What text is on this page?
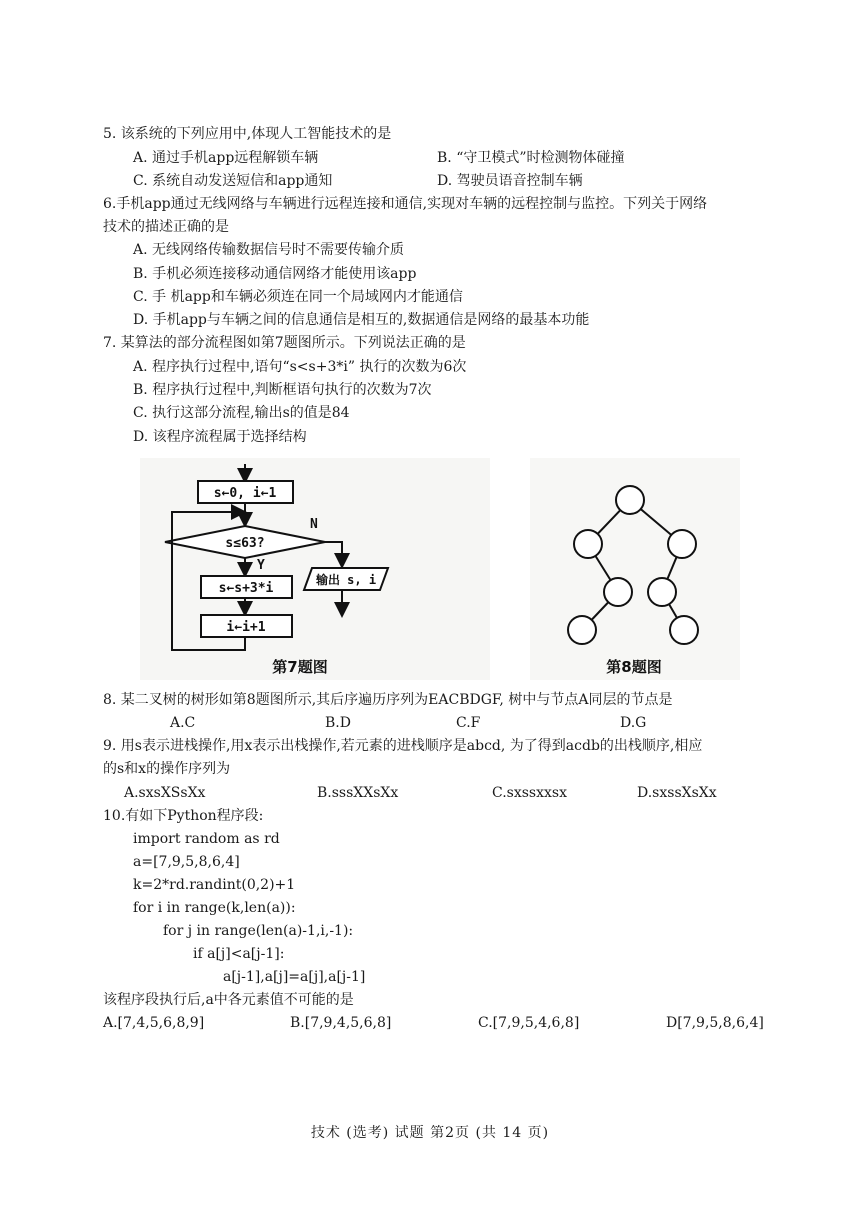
5. 该系统的下列应用中,体现人工智能技术的是
A. 通过手机app远程解锁车辆	B. “守卫模式”时检测物体碰撞
C. 系统自动发送短信和app通知	D. 驾驶员语音控制车辆
6.手机app通过无线网络与车辆进行远程连接和通信,实现对车辆的远程控制与监控。下列关于网络
技术的描述正确的是
A. 无线网络传输数据信号时不需要传输介质
B. 手机必须连接移动通信网络才能使用该app
C. 手 机app和车辆必须连在同一个局域网内才能通信
D. 手机app与车辆之间的信息通信是相互的,数据通信是网络的最基本功能
7. 某算法的部分流程图如第7题图所示。下列说法正确的是
A. 程序执行过程中,语句“s<s+3*i” 执行的次数为6次
B. 程序执行过程中,判断框语句执行的次数为7次
C. 执行这部分流程,输出s的值是84
D. 该程序流程属于选择结构
s←0, i←1
s≤63?
Y
N
s←s+3*i
i←i+1
输出 s, i
第7题图	第8题图
8. 某二叉树的树形如第8题图所示,其后序遍历序列为EACBDGF, 树中与节点A同层的节点是
A.C	B.D	C.F	D.G
9. 用s表示进栈操作,用x表示出栈操作,若元素的进栈顺序是abcd, 为了得到acdb的出栈顺序,相应
的s和x的操作序列为
A.sxsXSsXx	B.sssXXsXx	C.sxssxxsx	D.sxssXsXx
10.有如下Python程序段:
import random as rd
a=[7,9,5,8,6,4]
k=2*rd.randint(0,2)+1
for i in range(k,len(a)):
for j in range(len(a)-1,i,-1):
if a[j]<a[j-1]:
a[j-1],a[j]=a[j],a[j-1]
该程序段执行后,a中各元素值不可能的是
A.[7,4,5,6,8,9]	B.[7,9,4,5,6,8]	C.[7,9,5,4,6,8]	D[7,9,5,8,6,4]
技术 (选考) 试题 第2页 (共 14 页)
